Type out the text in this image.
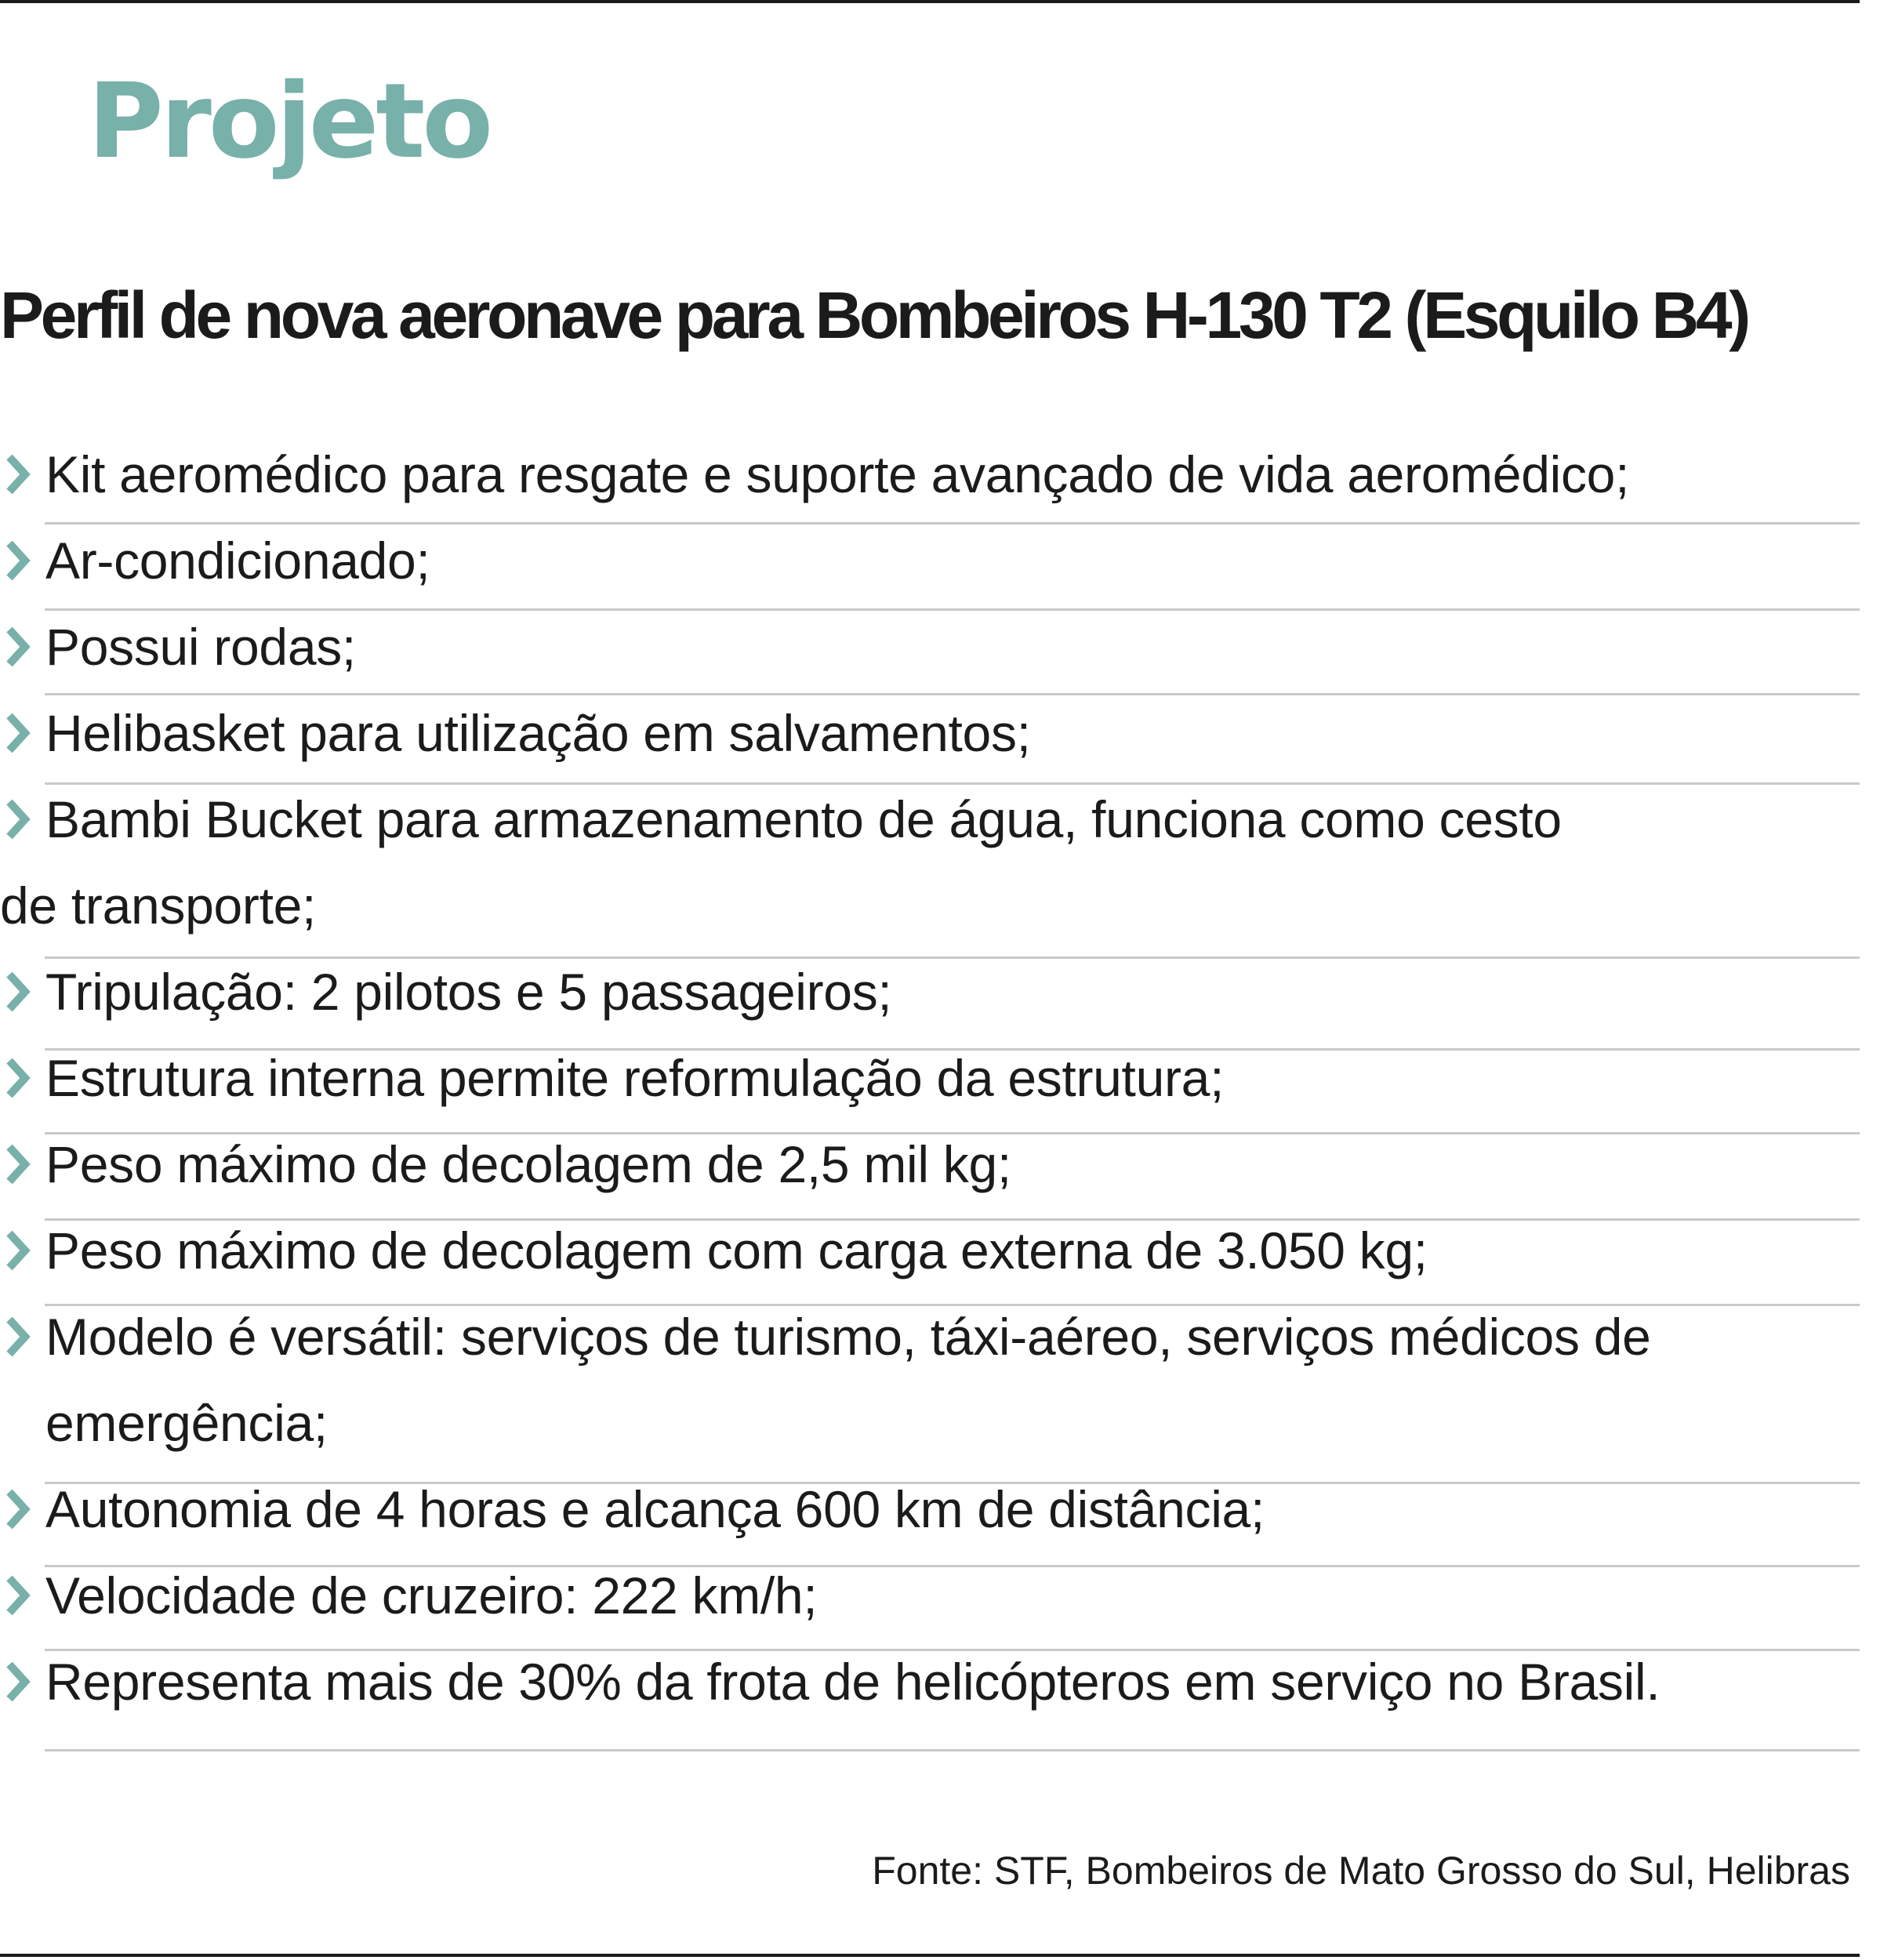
Projeto
Perfil de nova aeronave para Bombeiros H-130 T2 (Esquilo B4)
Kit aeromédico para resgate e suporte avançado de vida aeromédico;
Ar-condicionado;
Possui rodas;
Helibasket para utilização em salvamentos;
Bambi Bucket para armazenamento de água, funciona como cesto
de transporte;
Tripulação: 2 pilotos e 5 passageiros;
Estrutura interna permite reformulação da estrutura;
Peso máximo de decolagem de 2,5 mil kg;
Peso máximo de decolagem com carga externa de 3.050 kg;
Modelo é versátil: serviços de turismo, táxi-aéreo, serviços médicos de
emergência;
Autonomia de 4 horas e alcança 600 km de distância;
Velocidade de cruzeiro: 222 km/h;
Representa mais de 30% da frota de helicópteros em serviço no Brasil.

Fonte: STF, Bombeiros de Mato Grosso do Sul, Helibras
